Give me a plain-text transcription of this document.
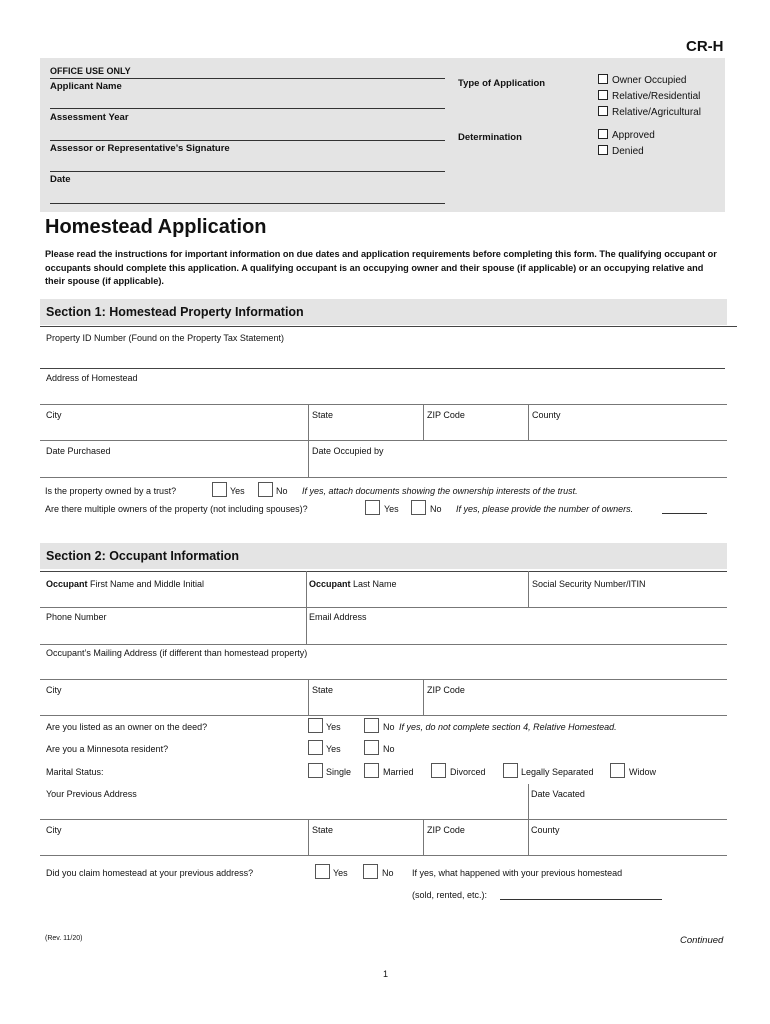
CR-H
OFFICE USE ONLY
Applicant Name
Assessment Year
Assessor or Representative’s Signature
Date
Type of Application	Owner Occupied
Relative/Residential
Relative/Agricultural
Determination	Approved
Denied
Homestead Application
Please read the instructions for important information on due dates and application requirements before completing this form. The qualifying occupant or occupants should complete this application. A qualifying occupant is an occupying owner and their spouse (if applicable) or an occupying relative and their spouse (if applicable).
Section 1: Homestead Property Information
Property ID Number (Found on the Property Tax Statement)
Address of Homestead
City	State	ZIP Code	County
Date Purchased	Date Occupied by
Is the property owned by a trust?	Yes	No If yes, attach documents showing the ownership interests of the trust.
Are there multiple owners of the property (not including spouses)?	Yes	No If yes, please provide the number of owners.
Section 2: Occupant Information
Occupant First Name and Middle Initial	Occupant Last Name	Social Security Number/ITIN
Phone Number	Email Address
Occupant’s Mailing Address (if different than homestead property)
City	State	ZIP Code
Are you listed as an owner on the deed?	Yes	No If yes, do not complete section 4, Relative Homestead.
Are you a Minnesota resident?	Yes	No
Marital Status:	Single	Married	Divorced	Legally Separated	Widow
Your Previous Address	Date Vacated
City	State	ZIP Code	County
Did you claim homestead at your previous address?	Yes	No If yes, what happened with your previous homestead
(sold, rented, etc.):
(Rev. 11/20)	Continued
1
